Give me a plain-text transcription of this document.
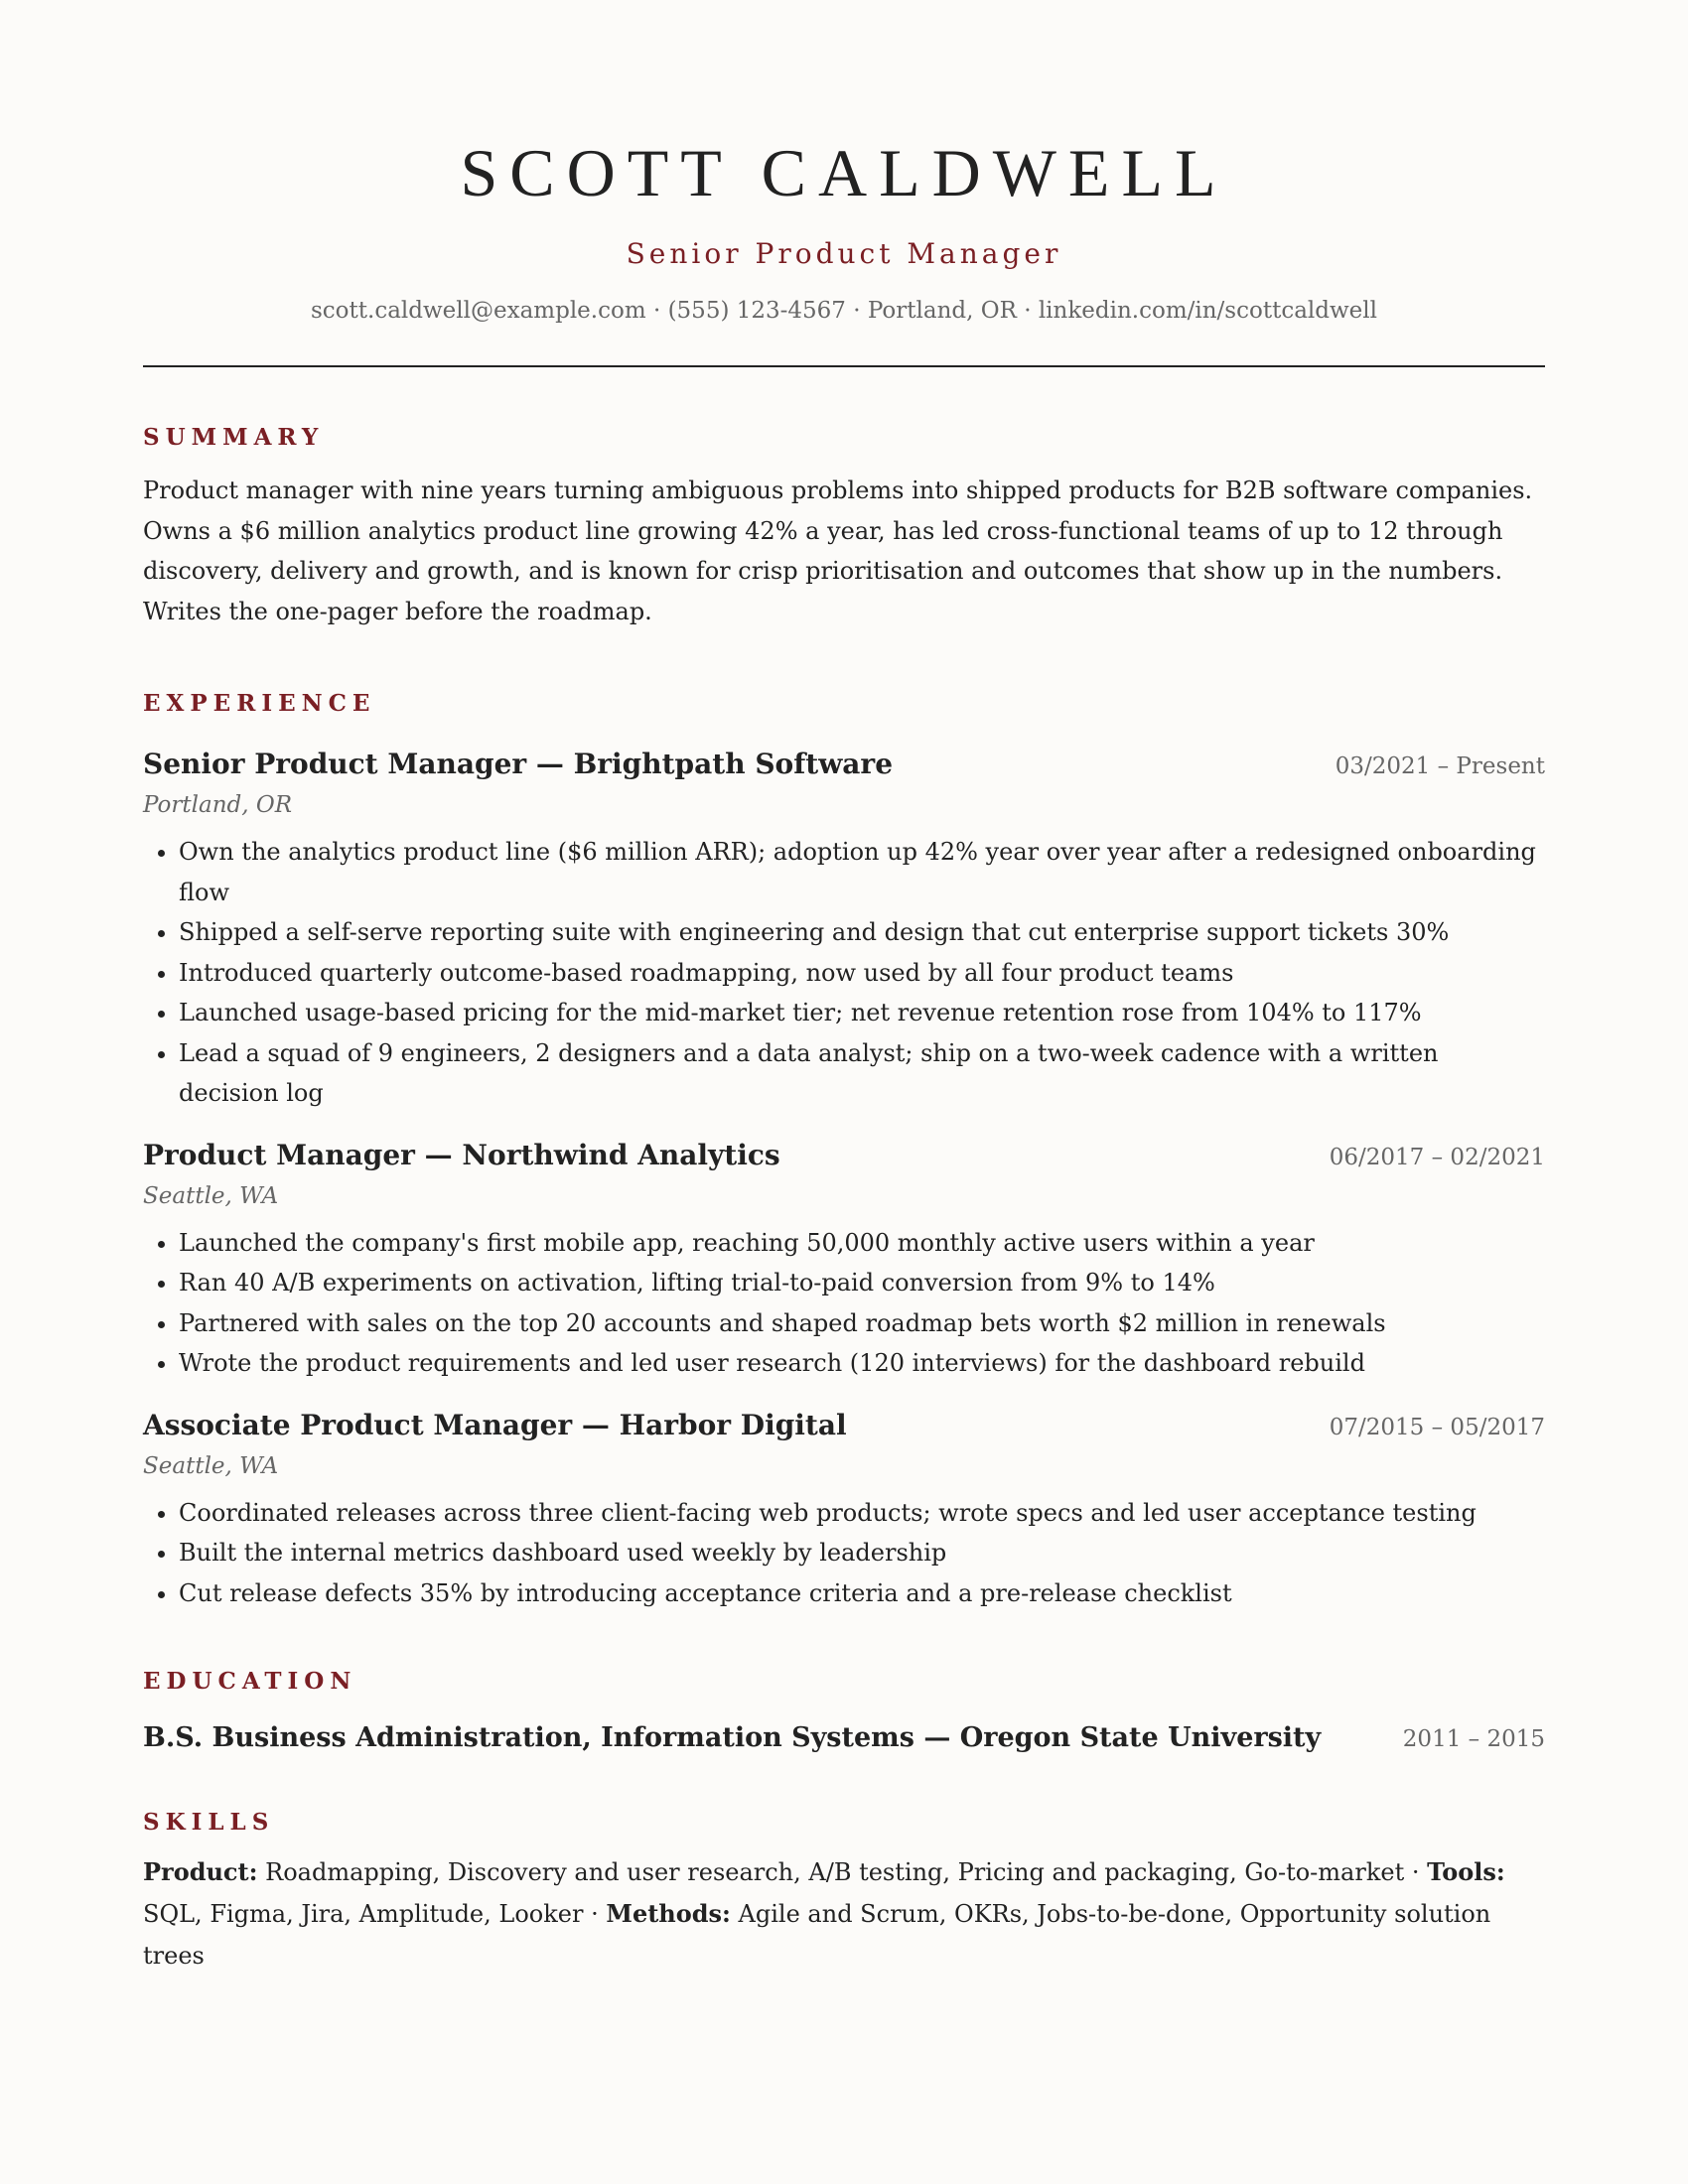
SCOTT CALDWELL
Senior Product Manager
scott.caldwell@example.com · (555) 123-4567 · Portland, OR · linkedin.com/in/scottcaldwell
SUMMARY
Product manager with nine years turning ambiguous problems into shipped products for B2B software companies. Owns a $6 million analytics product line growing 42% a year, has led cross-functional teams of up to 12 through discovery, delivery and growth, and is known for crisp prioritisation and outcomes that show up in the numbers. Writes the one-pager before the roadmap.
EXPERIENCE
Senior Product Manager — Brightpath Software	03/2021 – Present
Portland, OR
• Own the analytics product line ($6 million ARR); adoption up 42% year over year after a redesigned onboarding flow
• Shipped a self-serve reporting suite with engineering and design that cut enterprise support tickets 30%
• Introduced quarterly outcome-based roadmapping, now used by all four product teams
• Launched usage-based pricing for the mid-market tier; net revenue retention rose from 104% to 117%
• Lead a squad of 9 engineers, 2 designers and a data analyst; ship on a two-week cadence with a written decision log
Product Manager — Northwind Analytics	06/2017 – 02/2021
Seattle, WA
• Launched the company's first mobile app, reaching 50,000 monthly active users within a year
• Ran 40 A/B experiments on activation, lifting trial-to-paid conversion from 9% to 14%
• Partnered with sales on the top 20 accounts and shaped roadmap bets worth $2 million in renewals
• Wrote the product requirements and led user research (120 interviews) for the dashboard rebuild
Associate Product Manager — Harbor Digital	07/2015 – 05/2017
Seattle, WA
• Coordinated releases across three client-facing web products; wrote specs and led user acceptance testing
• Built the internal metrics dashboard used weekly by leadership
• Cut release defects 35% by introducing acceptance criteria and a pre-release checklist
EDUCATION
B.S. Business Administration, Information Systems — Oregon State University	2011 – 2015
SKILLS
Product: Roadmapping, Discovery and user research, A/B testing, Pricing and packaging, Go-to-market · Tools: SQL, Figma, Jira, Amplitude, Looker · Methods: Agile and Scrum, OKRs, Jobs-to-be-done, Opportunity solution trees
